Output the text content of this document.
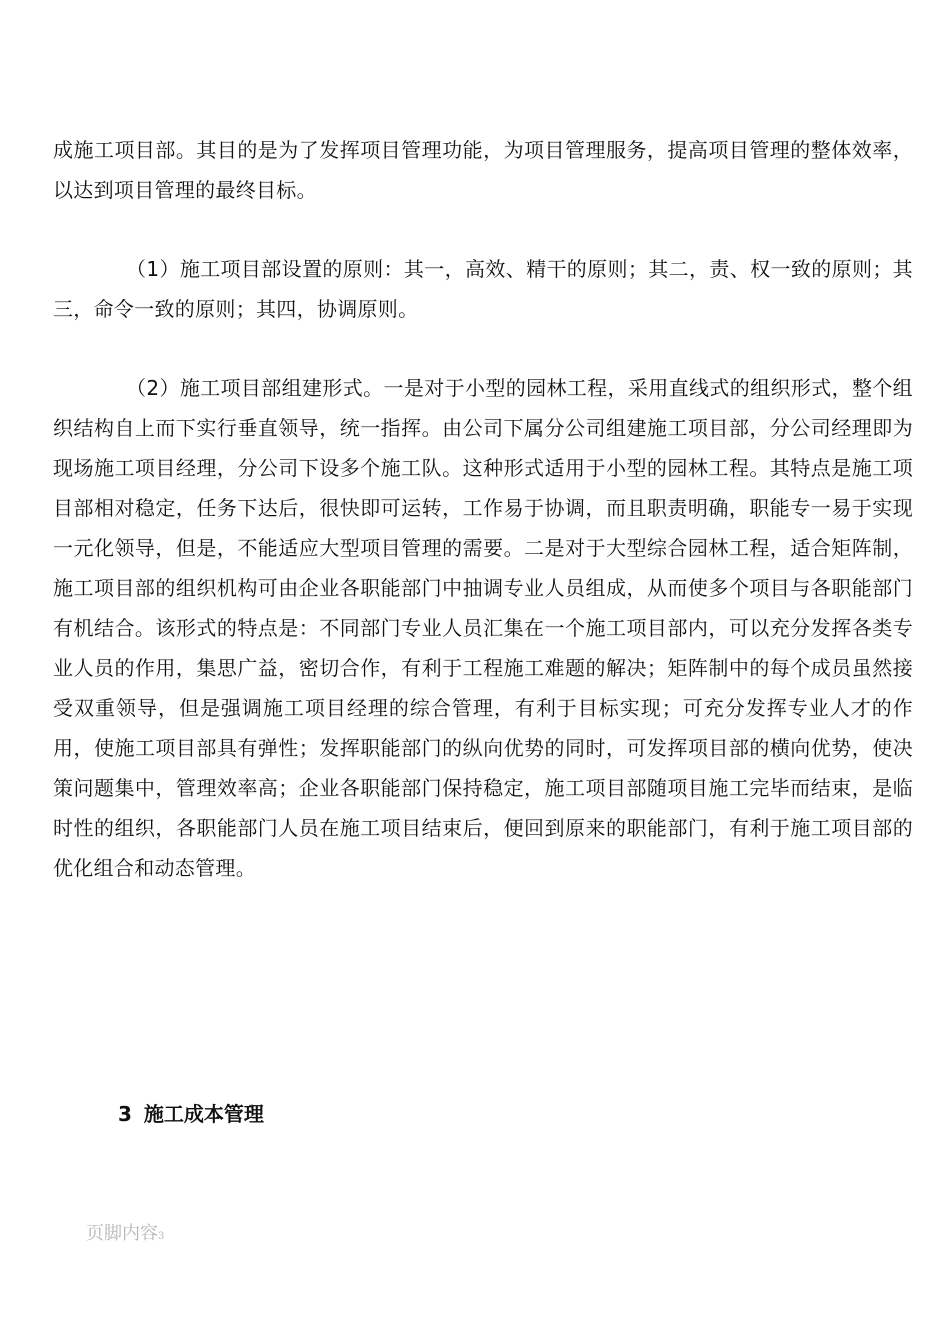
成施工项目部。其目的是为了发挥项目管理功能，为项目管理服务，提高项目管理的整体效率，以达到项目管理的最终目标。

（1）施工项目部设置的原则：其一，高效、精干的原则；其二，责、权一致的原则；其三，命令一致的原则；其四，协调原则。

（2）施工项目部组建形式。一是对于小型的园林工程，采用直线式的组织形式，整个组织结构自上而下实行垂直领导，统一指挥。由公司下属分公司组建施工项目部，分公司经理即为现场施工项目经理，分公司下设多个施工队。这种形式适用于小型的园林工程。其特点是施工项目部相对稳定，任务下达后，很快即可运转，工作易于协调，而且职责明确，职能专一易于实现一元化领导，但是，不能适应大型项目管理的需要。二是对于大型综合园林工程，适合矩阵制，施工项目部的组织机构可由企业各职能部门中抽调专业人员组成，从而使多个项目与各职能部门有机结合。该形式的特点是：不同部门专业人员汇集在一个施工项目部内，可以充分发挥各类专业人员的作用，集思广益，密切合作，有利于工程施工难题的解决；矩阵制中的每个成员虽然接受双重领导，但是强调施工项目经理的综合管理，有利于目标实现；可充分发挥专业人才的作用，使施工项目部具有弹性；发挥职能部门的纵向优势的同时，可发挥项目部的横向优势，使决策问题集中，管理效率高；企业各职能部门保持稳定，施工项目部随项目施工完毕而结束，是临时性的组织，各职能部门人员在施工项目结束后，便回到原来的职能部门，有利于施工项目部的优化组合和动态管理。

3 施工成本管理
页脚内容3
